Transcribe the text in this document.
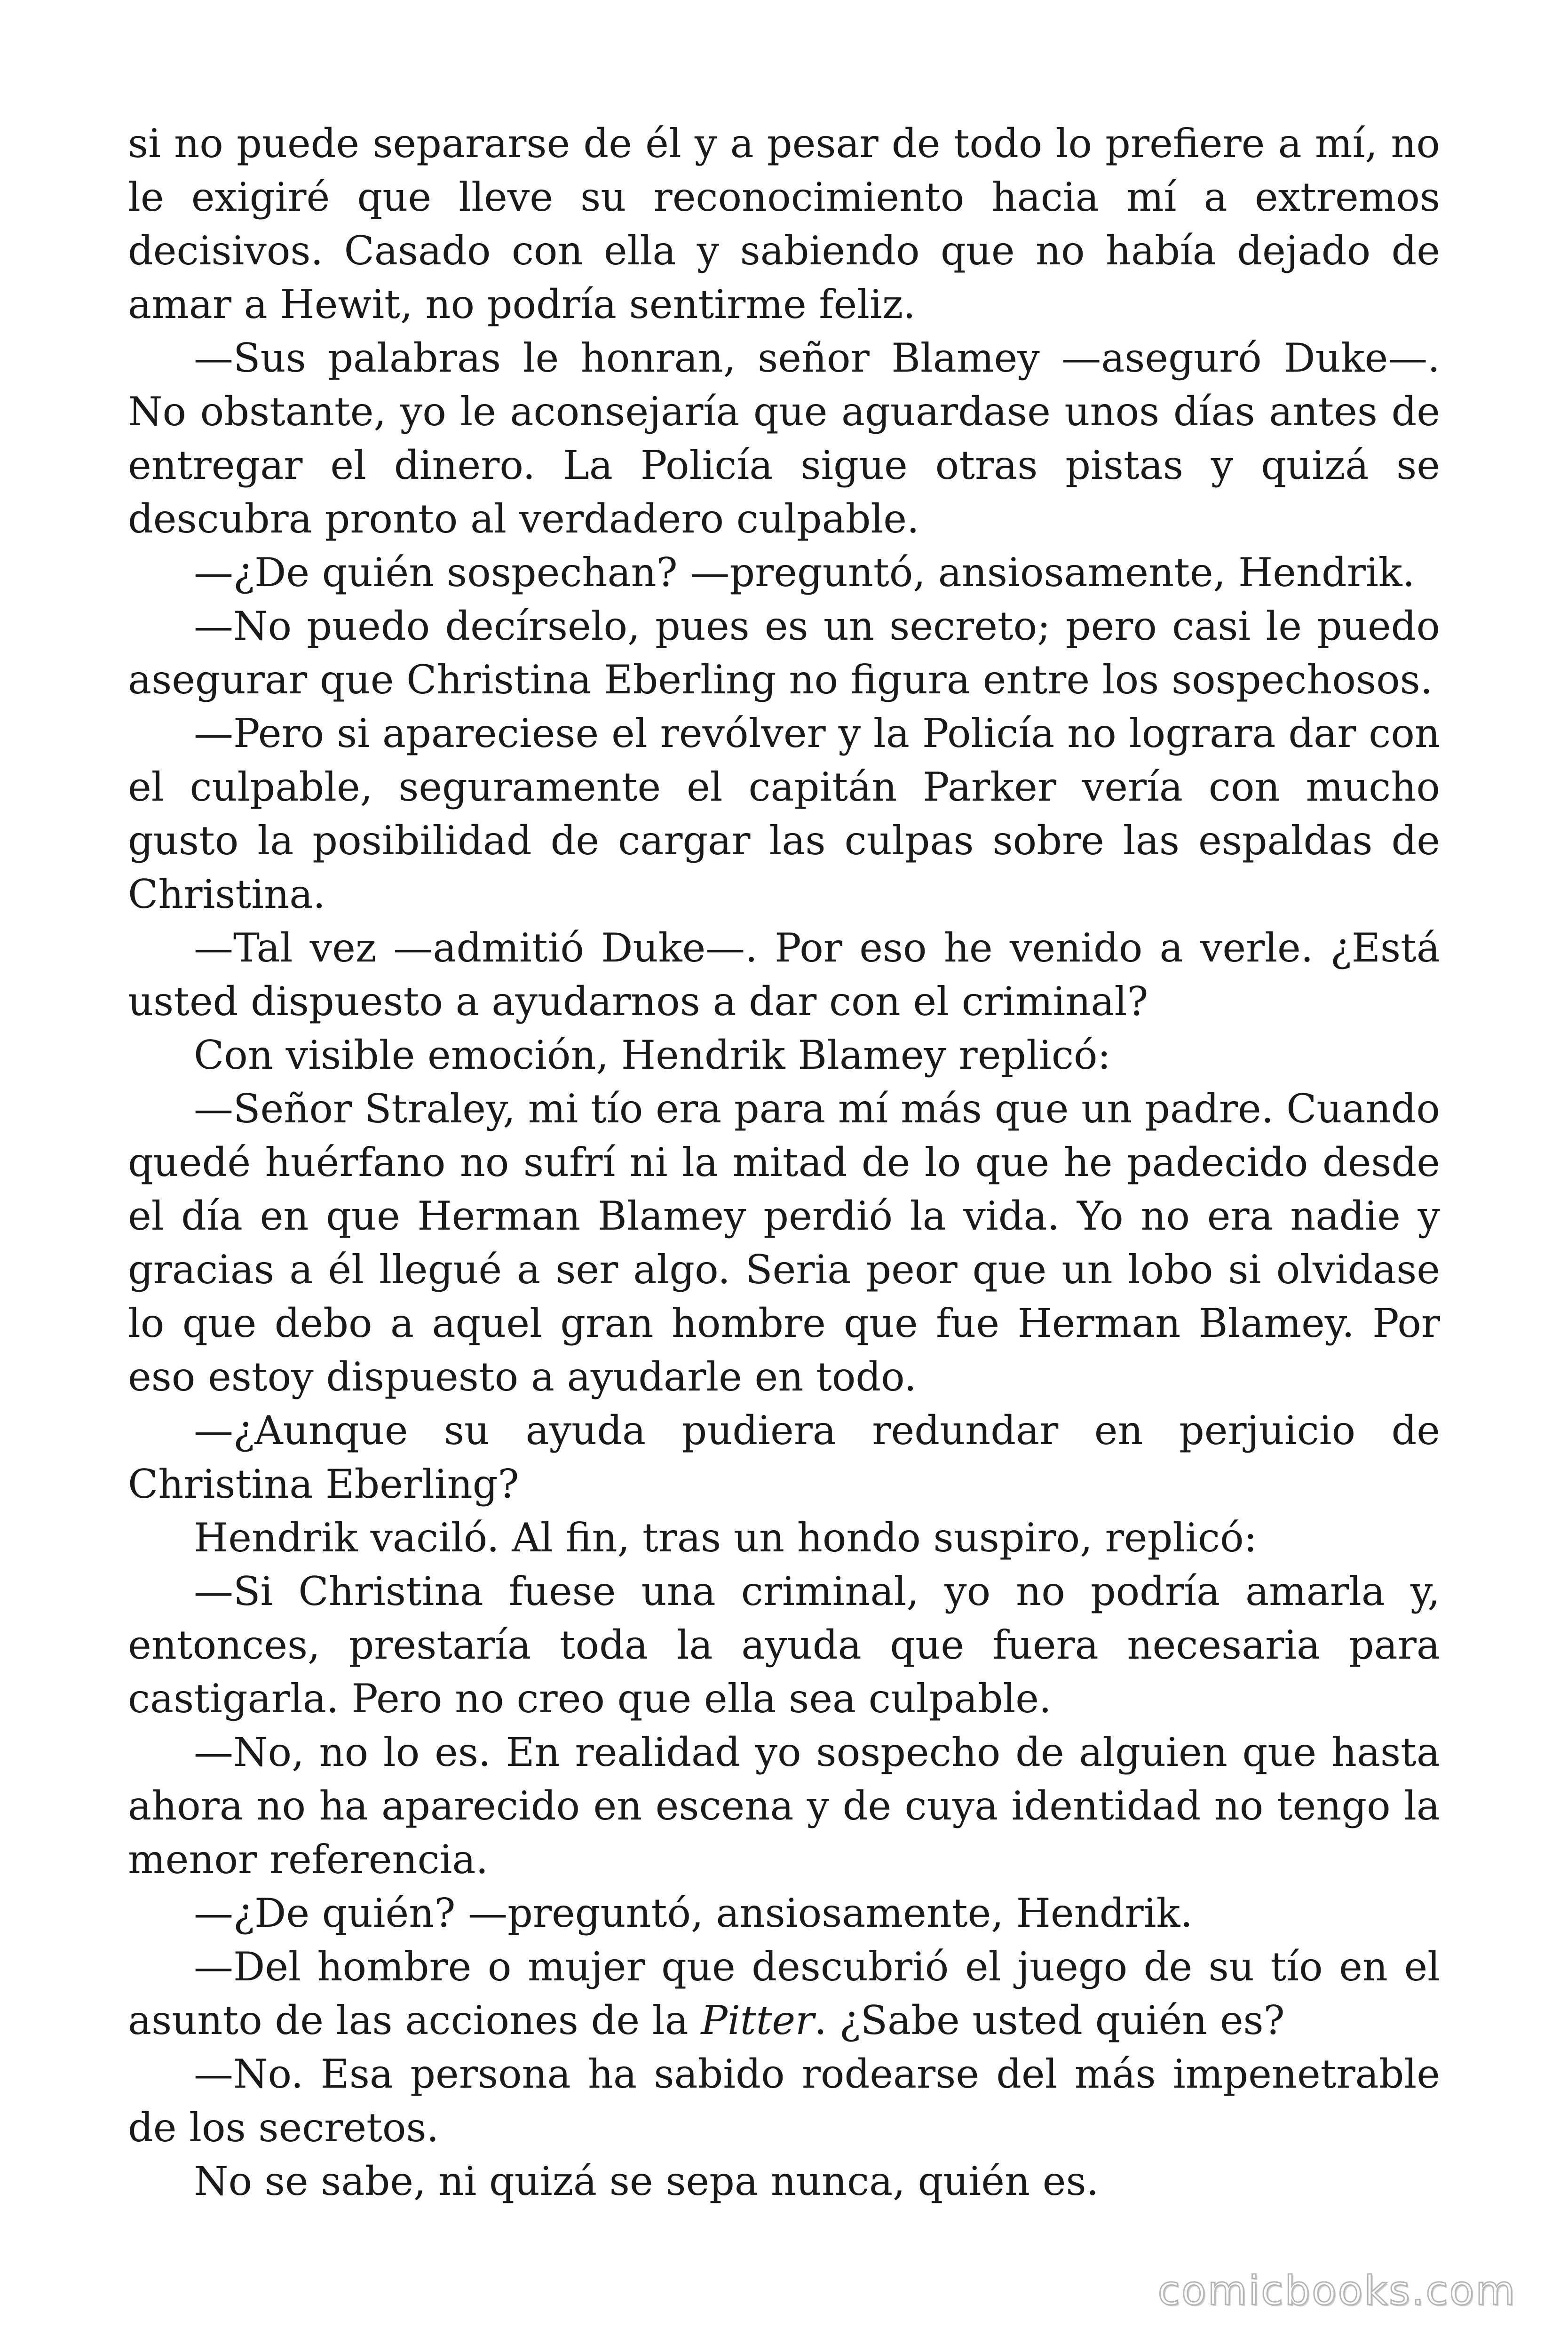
si no puede separarse de él y a pesar de todo lo prefiere a mí, no le exigiré que lleve su reconocimiento hacia mí a extremos decisivos. Casado con ella y sabiendo que no había dejado de amar a Hewit, no podría sentirme feliz.

—Sus palabras le honran, señor Blamey —aseguró Duke—. No obstante, yo le aconsejaría que aguardase unos días antes de entregar el dinero. La Policía sigue otras pistas y quizá se descubra pronto al verdadero culpable.

—¿De quién sospechan? —preguntó, ansiosamente, Hendrik.

—No puedo decírselo, pues es un secreto; pero casi le puedo asegurar que Christina Eberling no figura entre los sospechosos.

—Pero si apareciese el revólver y la Policía no lograra dar con el culpable, seguramente el capitán Parker vería con mucho gusto la posibilidad de cargar las culpas sobre las espaldas de Christina.

—Tal vez —admitió Duke—. Por eso he venido a verle. ¿Está usted dispuesto a ayudarnos a dar con el criminal?

Con visible emoción, Hendrik Blamey replicó:

—Señor Straley, mi tío era para mí más que un padre. Cuando quedé huérfano no sufrí ni la mitad de lo que he padecido desde el día en que Herman Blamey perdió la vida. Yo no era nadie y gracias a él llegué a ser algo. Seria peor que un lobo si olvidase lo que debo a aquel gran hombre que fue Herman Blamey. Por eso estoy dispuesto a ayudarle en todo.

—¿Aunque su ayuda pudiera redundar en perjuicio de Christina Eberling?

Hendrik vaciló. Al fin, tras un hondo suspiro, replicó:

—Si Christina fuese una criminal, yo no podría amarla y, entonces, prestaría toda la ayuda que fuera necesaria para castigarla. Pero no creo que ella sea culpable.

—No, no lo es. En realidad yo sospecho de alguien que hasta ahora no ha aparecido en escena y de cuya identidad no tengo la menor referencia.

—¿De quién? —preguntó, ansiosamente, Hendrik.

—Del hombre o mujer que descubrió el juego de su tío en el asunto de las acciones de la Pitter. ¿Sabe usted quién es?

—No. Esa persona ha sabido rodearse del más impenetrable de los secretos.

No se sabe, ni quizá se sepa nunca, quién es.

comicbooks.com
